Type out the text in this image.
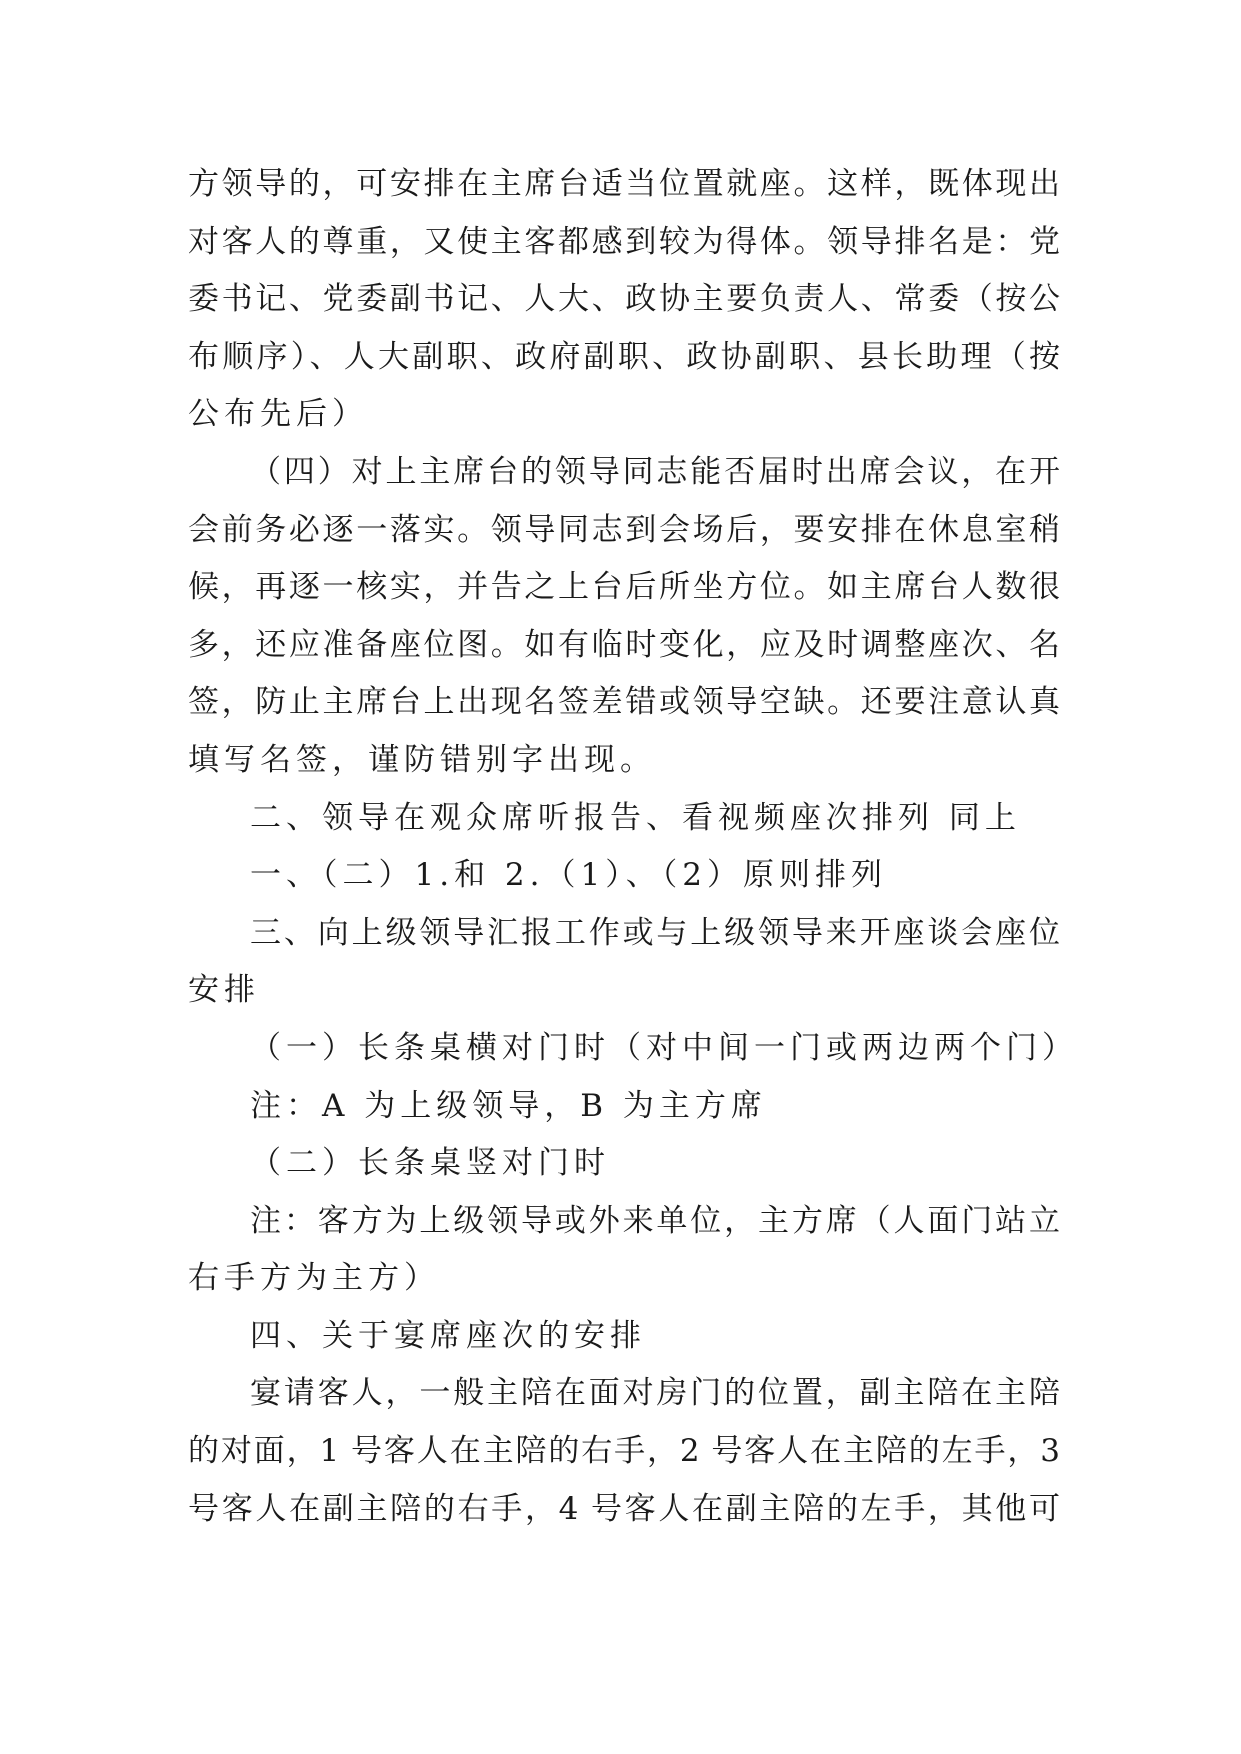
方领导的，可安排在主席台适当位置就座。这样，既体现出
对客人的尊重，又使主客都感到较为得体。领导排名是：党
委书记、党委副书记、人大、政协主要负责人、常委（按公
布顺序）、人大副职、政府副职、政协副职、县长助理（按
公布先后）
（四）对上主席台的领导同志能否届时出席会议，在开
会前务必逐一落实。领导同志到会场后，要安排在休息室稍
候，再逐一核实，并告之上台后所坐方位。如主席台人数很
多，还应准备座位图。如有临时变化，应及时调整座次、名
签，防止主席台上出现名签差错或领导空缺。还要注意认真
填写名签，谨防错别字出现。
二、领导在观众席听报告、看视频座次排列 同上
一、（二）1.和 2.（1）、（2）原则排列
三、向上级领导汇报工作或与上级领导来开座谈会座位
安排
（一）长条桌横对门时（对中间一门或两边两个门）
注：A 为上级领导，B 为主方席
（二）长条桌竖对门时
注：客方为上级领导或外来单位，主方席（人面门站立
右手方为主方）
四、关于宴席座次的安排
宴请客人，一般主陪在面对房门的位置，副主陪在主陪
的对面，1 号客人在主陪的右手，2 号客人在主陪的左手，3
号客人在副主陪的右手，4 号客人在副主陪的左手，其他可
